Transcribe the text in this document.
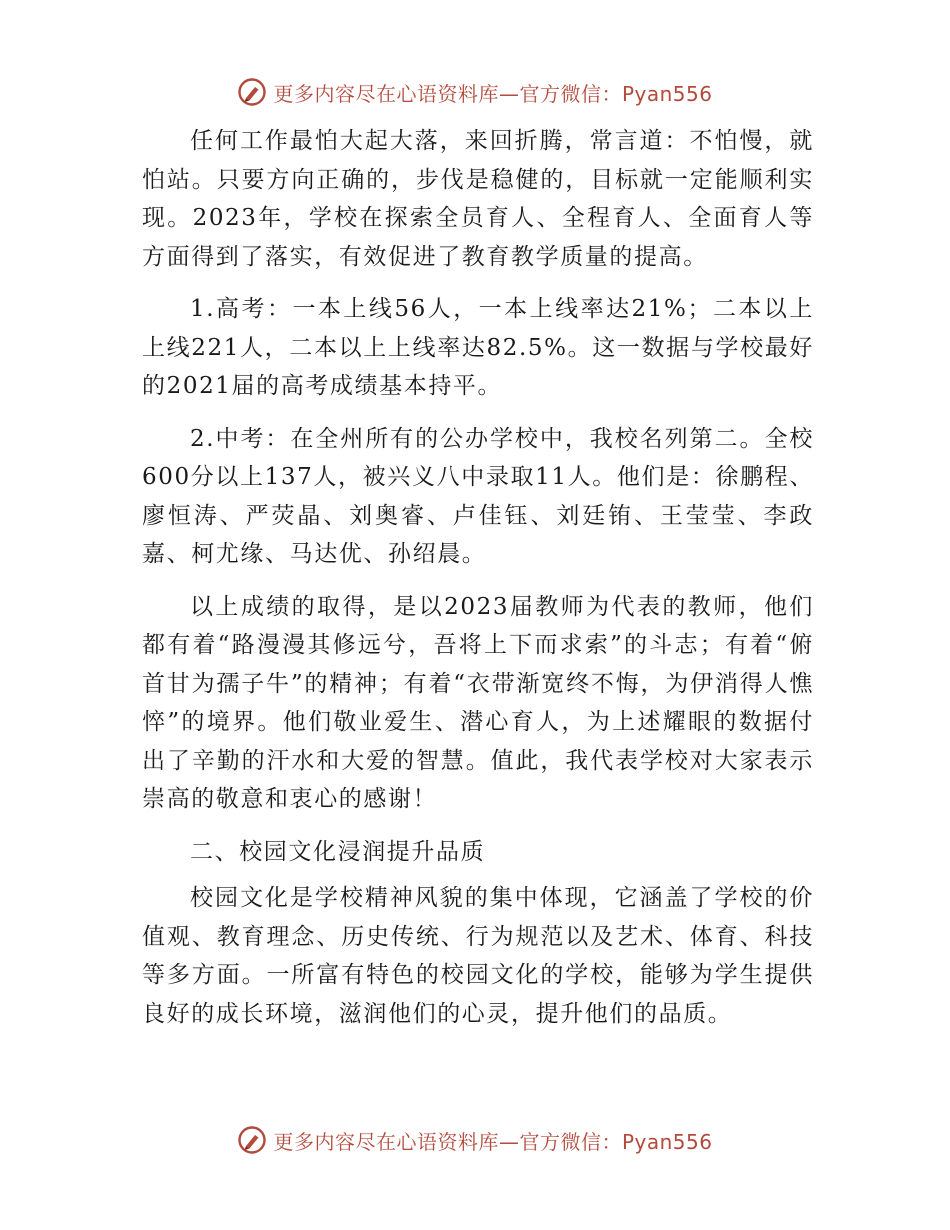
更多内容尽在心语资料库—官方微信：Pyan556

任何工作最怕大起大落，来回折腾，常言道：不怕慢，就怕站。只要方向正确的，步伐是稳健的，目标就一定能顺利实现。2023年，学校在探索全员育人、全程育人、全面育人等方面得到了落实，有效促进了教育教学质量的提高。

1.高考：一本上线56人，一本上线率达21%；二本以上上线221人，二本以上上线率达82.5%。这一数据与学校最好的2021届的高考成绩基本持平。

2.中考：在全州所有的公办学校中，我校名列第二。全校600分以上137人，被兴义八中录取11人。他们是：徐鹏程、廖恒涛、严荧晶、刘奥睿、卢佳钰、刘廷铕、王莹莹、李政嘉、柯尤缘、马达优、孙绍晨。

以上成绩的取得，是以2023届教师为代表的教师，他们都有着“路漫漫其修远兮，吾将上下而求索”的斗志；有着“俯首甘为孺子牛”的精神；有着“衣带渐宽终不悔，为伊消得人憔悴”的境界。他们敬业爱生、潜心育人，为上述耀眼的数据付出了辛勤的汗水和大爱的智慧。值此，我代表学校对大家表示崇高的敬意和衷心的感谢！

二、校园文化浸润提升品质

校园文化是学校精神风貌的集中体现，它涵盖了学校的价值观、教育理念、历史传统、行为规范以及艺术、体育、科技等多方面。一所富有特色的校园文化的学校，能够为学生提供良好的成长环境，滋润他们的心灵，提升他们的品质。

更多内容尽在心语资料库—官方微信：Pyan556
